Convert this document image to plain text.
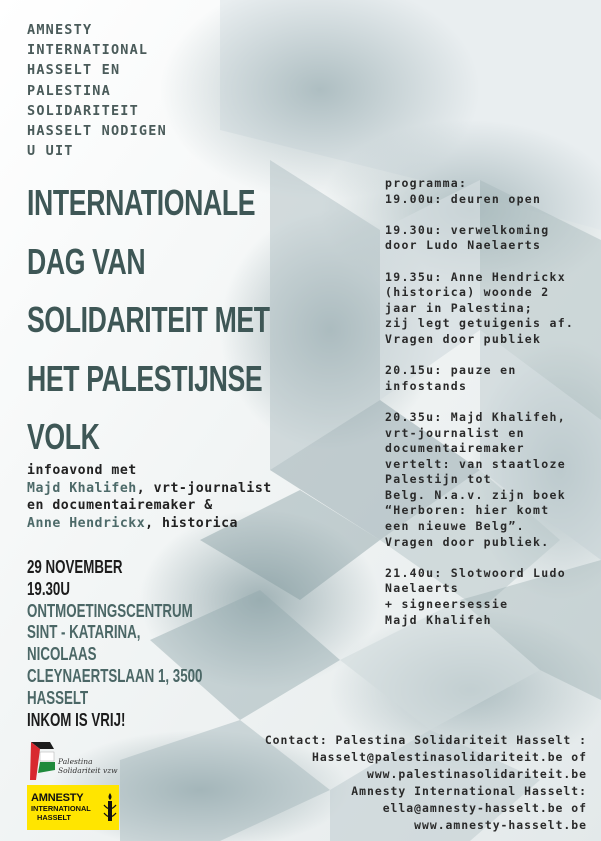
AMNESTY
INTERNATIONAL
HASSELT EN
PALESTINA
SOLIDARITEIT
HASSELT NODIGEN
U UIT

INTERNATIONALE
DAG VAN
SOLIDARITEIT MET
HET PALESTIJNSE
VOLK
infoavond met
Majd Khalifeh, vrt-journalist
en documentairemaker &
Anne Hendrickx, historica
29 NOVEMBER
19.30U
ONTMOETINGSCENTRUM
SINT - KATARINA,
NICOLAAS
CLEYNAERTSLAAN 1, 3500
HASSELT
INKOM IS VRIJ!
programma:
19.00u: deuren open
19.30u: verwelkoming
door Ludo Naelaerts
19.35u: Anne Hendrickx
(historica) woonde 2
jaar in Palestina;
zij legt getuigenis af.
Vragen door publiek
20.15u: pauze en
infostands
20.35u: Majd Khalifeh,
vrt-journalist en
documentairemaker
vertelt: van staatloze
Palestijn tot
Belg. N.a.v. zijn boek
“Herboren: hier komt
een nieuwe Belg”.
Vragen door publiek.
21.40u: Slotwoord Ludo
Naelaerts
+ signeersessie
Majd Khalifeh
Contact: Palestina Solidariteit Hasselt :
Hasselt@palestinasolidariteit.be of
www.palestinasolidariteit.be
Amnesty International Hasselt:
ella@amnesty-hasselt.be of
www.amnesty-hasselt.be
Palestina
Solidariteit vzw
AMNESTY
INTERNATIONAL
HASSELT
